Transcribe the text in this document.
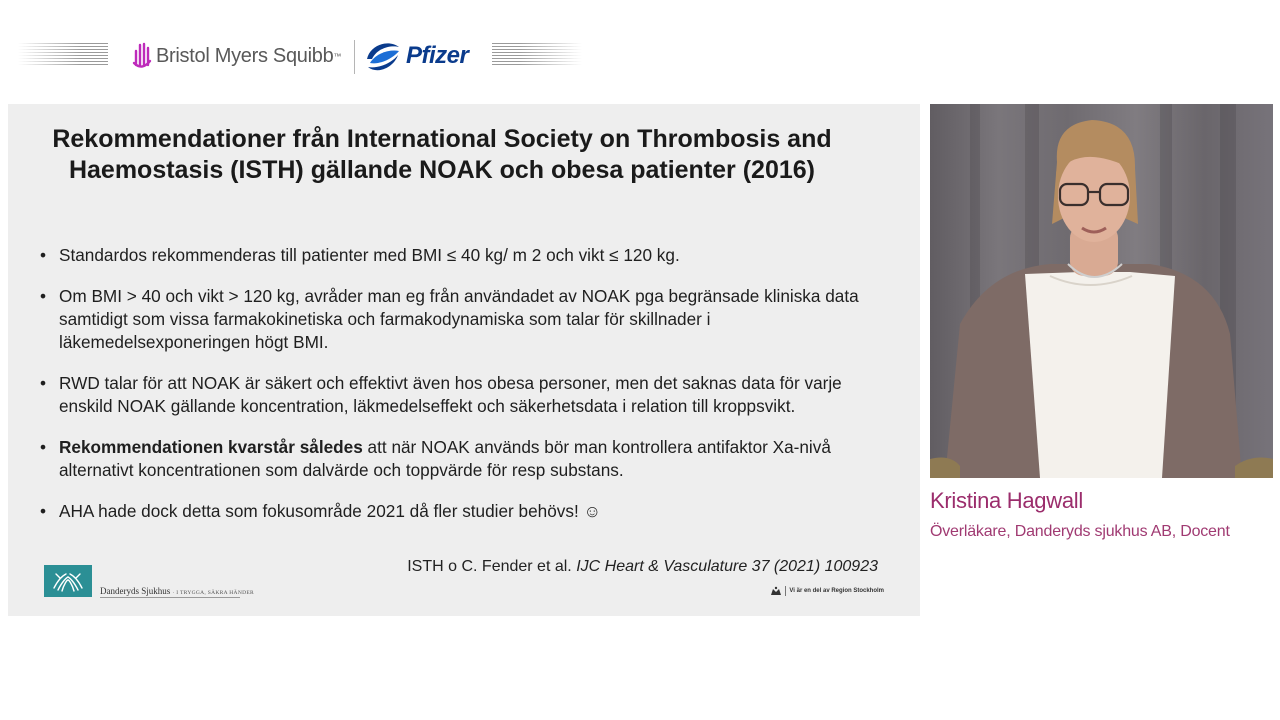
Bristol Myers Squibb ™	Pfizer
Rekommendationer från International Society on Thrombosis and Haemostasis (ISTH) gällande NOAK och obesa patienter (2016)
• Standardos rekommenderas till patienter med BMI ≤ 40 kg/ m 2 och vikt ≤ 120 kg.
• Om BMI > 40 och vikt > 120 kg, avråder man eg från användadet av NOAK pga begränsade kliniska data samtidigt som vissa farmakokinetiska och farmakodynamiska som talar för skillnader i läkemedelsexponeringen högt BMI.
• RWD talar för att NOAK är säkert och effektivt även hos obesa personer, men det saknas data för varje enskild NOAK gällande koncentration, läkmedelseffekt och säkerhetsdata i relation till kroppsvikt.
• Rekommendationen kvarstår således att när NOAK används bör man kontrollera antifaktor Xa-nivå alternativt koncentrationen som dalvärde och toppvärde för resp substans.
• AHA hade dock detta som fokusområde 2021 då fler studier behövs! ☺
ISTH o C. Fender et al. IJC Heart & Vasculature 37 (2021) 100923
Danderyds Sjukhus · I TRYGGA, SÄKRA HÄNDER	Vi är en del av Region Stockholm
Kristina Hagwall
Överläkare, Danderyds sjukhus AB, Docent
